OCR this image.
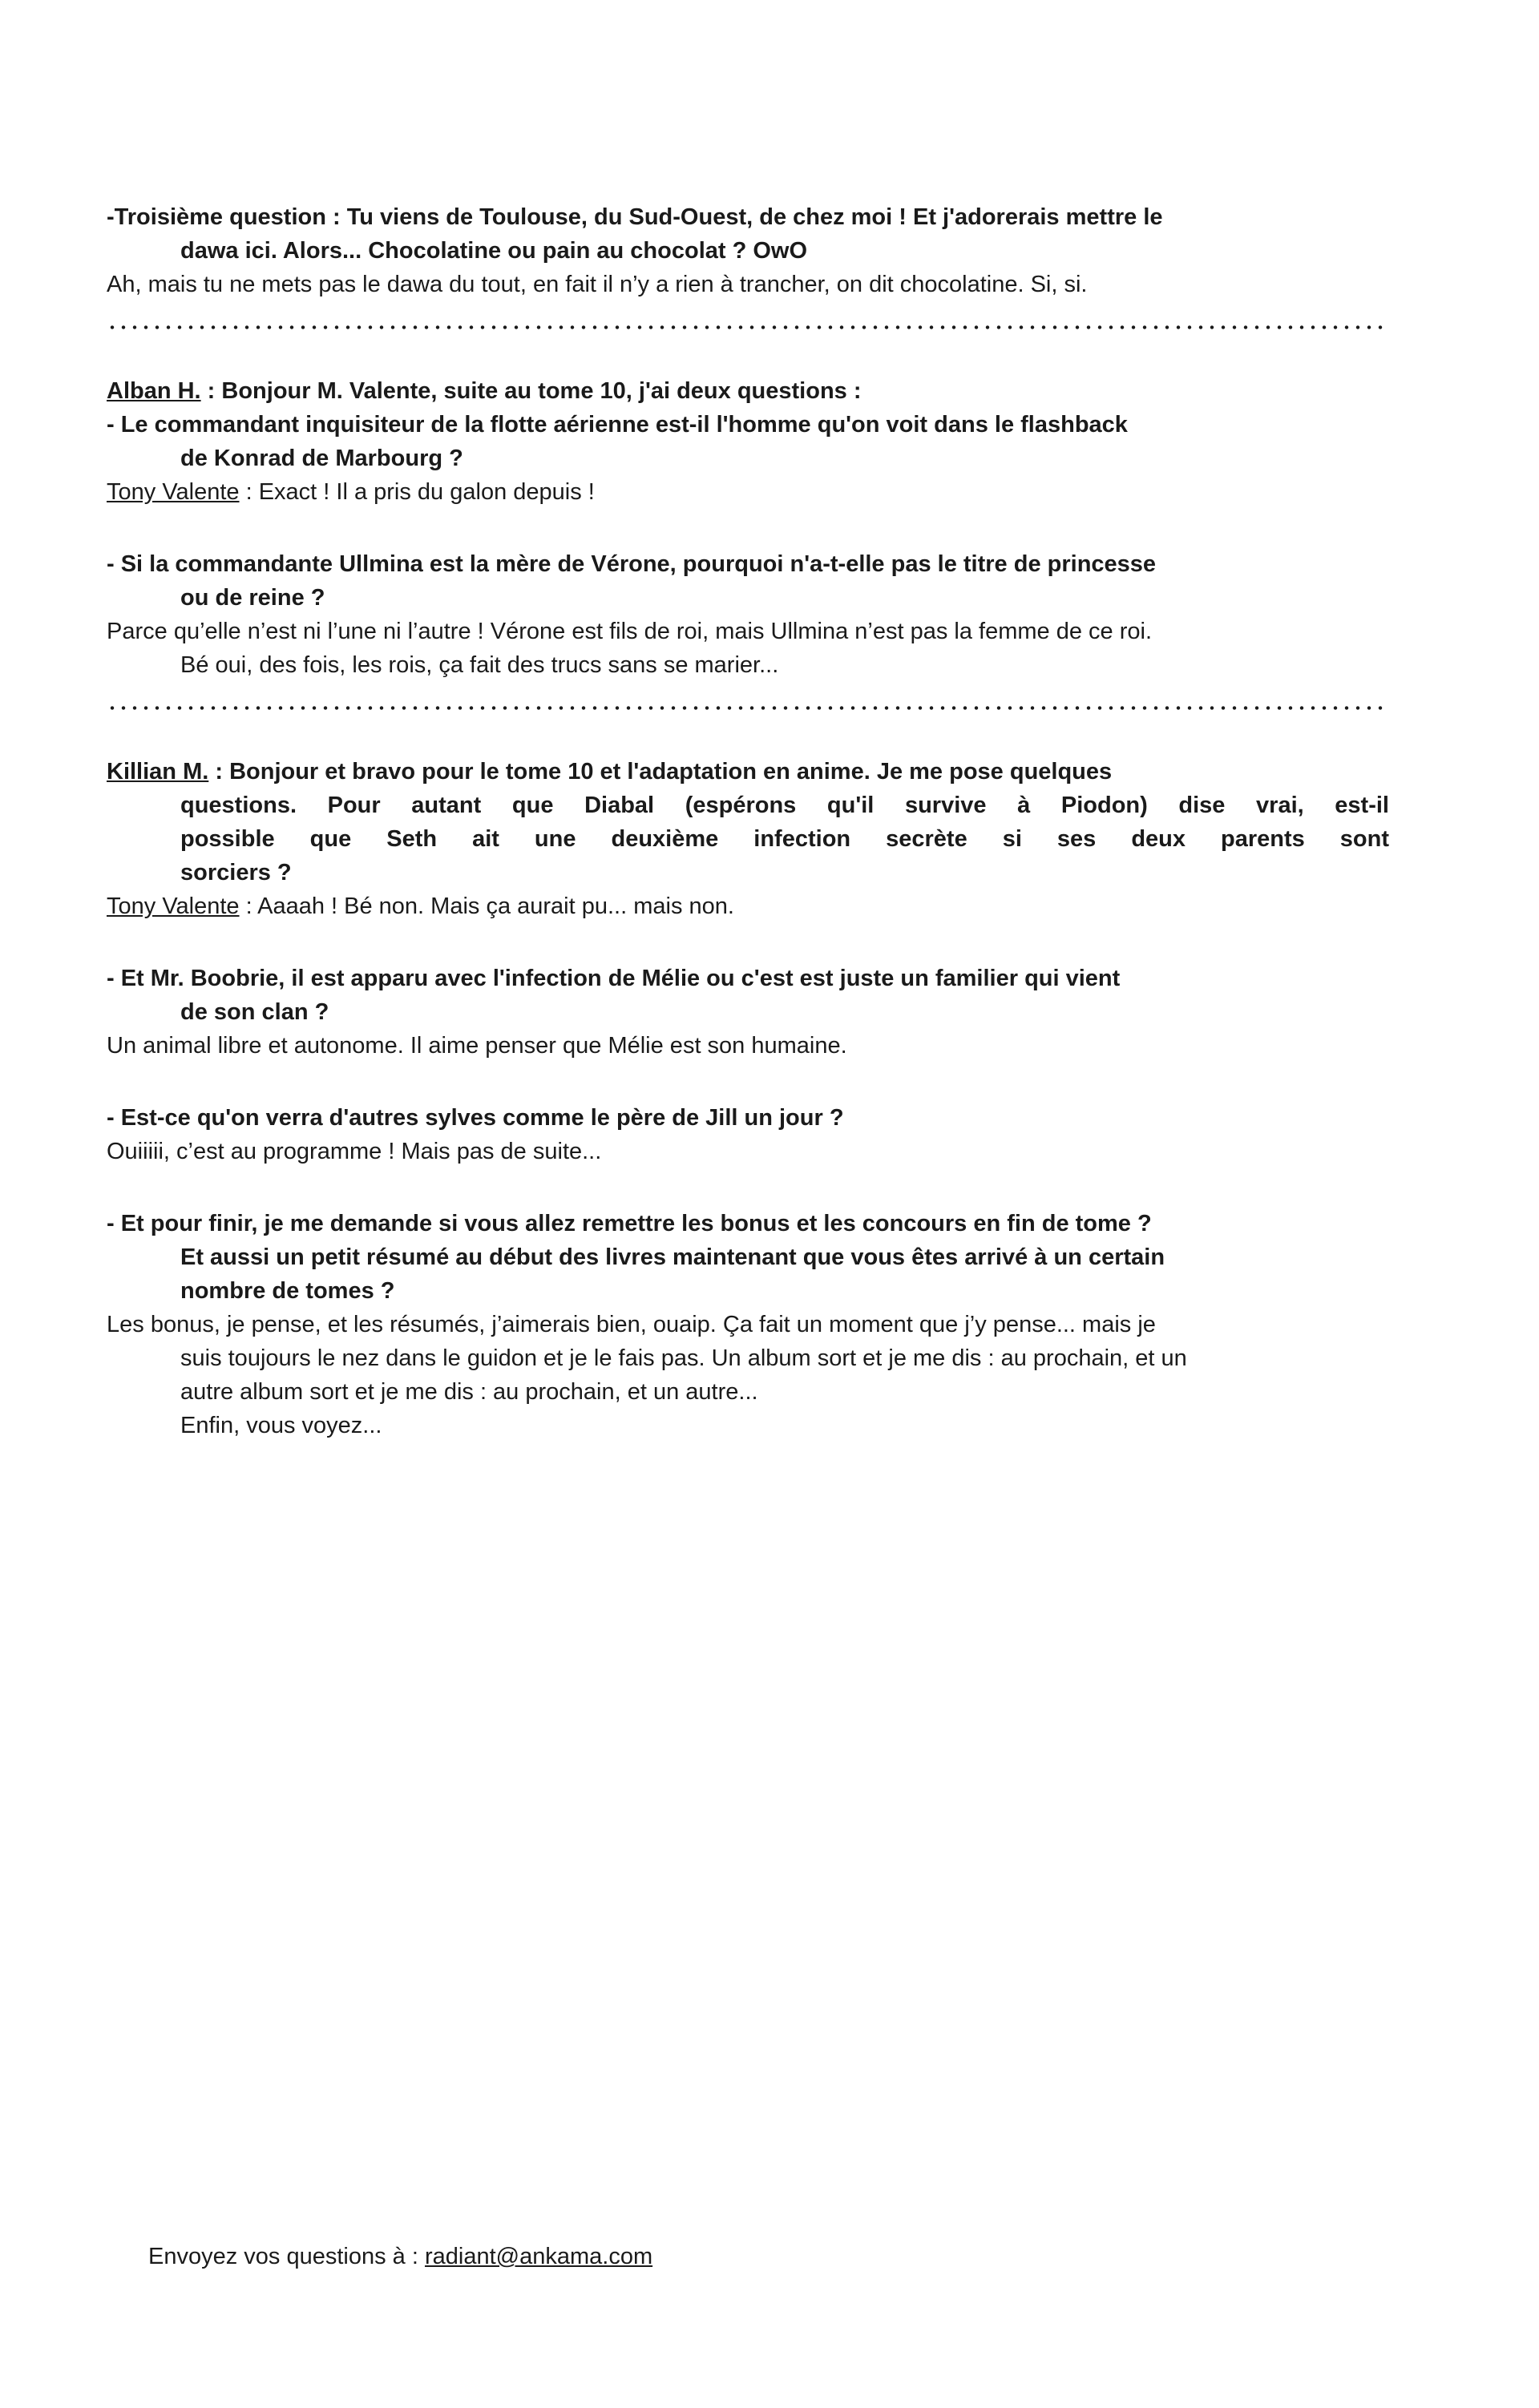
-Troisième question : Tu viens de Toulouse, du Sud-Ouest, de chez moi ! Et j'adorerais mettre le
dawa ici. Alors... Chocolatine ou pain au chocolat ? OwO
Ah, mais tu ne mets pas le dawa du tout, en fait il n’y a rien à trancher, on dit chocolatine. Si, si.
Alban H. : Bonjour M. Valente, suite au tome 10, j'ai deux questions :
- Le commandant inquisiteur de la flotte aérienne est-il l'homme qu'on voit dans le flashback
de Konrad de Marbourg ?
Tony Valente : Exact ! Il a pris du galon depuis !
- Si la commandante Ullmina est la mère de Vérone, pourquoi n'a-t-elle pas le titre de princesse
ou de reine ?
Parce qu’elle n’est ni l’une ni l’autre ! Vérone est fils de roi, mais Ullmina n’est pas la femme de ce roi.
Bé oui, des fois, les rois, ça fait des trucs sans se marier...
Killian M. : Bonjour et bravo pour le tome 10 et l'adaptation en anime. Je me pose quelques
questions. Pour autant que Diabal (espérons qu'il survive à Piodon) dise vrai, est-il
possible que Seth ait une deuxième infection secrète si ses deux parents sont
sorciers ?
Tony Valente : Aaaah ! Bé non. Mais ça aurait pu... mais non.
- Et Mr. Boobrie, il est apparu avec l'infection de Mélie ou c'est est juste un familier qui vient
de son clan ?
Un animal libre et autonome. Il aime penser que Mélie est son humaine.
- Est-ce qu'on verra d'autres sylves comme le père de Jill un jour ?
Ouiiiii, c’est au programme ! Mais pas de suite...
- Et pour finir, je me demande si vous allez remettre les bonus et les concours en fin de tome ?
Et aussi un petit résumé au début des livres maintenant que vous êtes arrivé à un certain
nombre de tomes ?
Les bonus, je pense, et les résumés, j’aimerais bien, ouaip. Ça fait un moment que j’y pense... mais je
suis toujours le nez dans le guidon et je le fais pas. Un album sort et je me dis : au prochain, et un
autre album sort et je me dis : au prochain, et un autre...
Enfin, vous voyez...
Envoyez vos questions à : radiant@ankama.com
